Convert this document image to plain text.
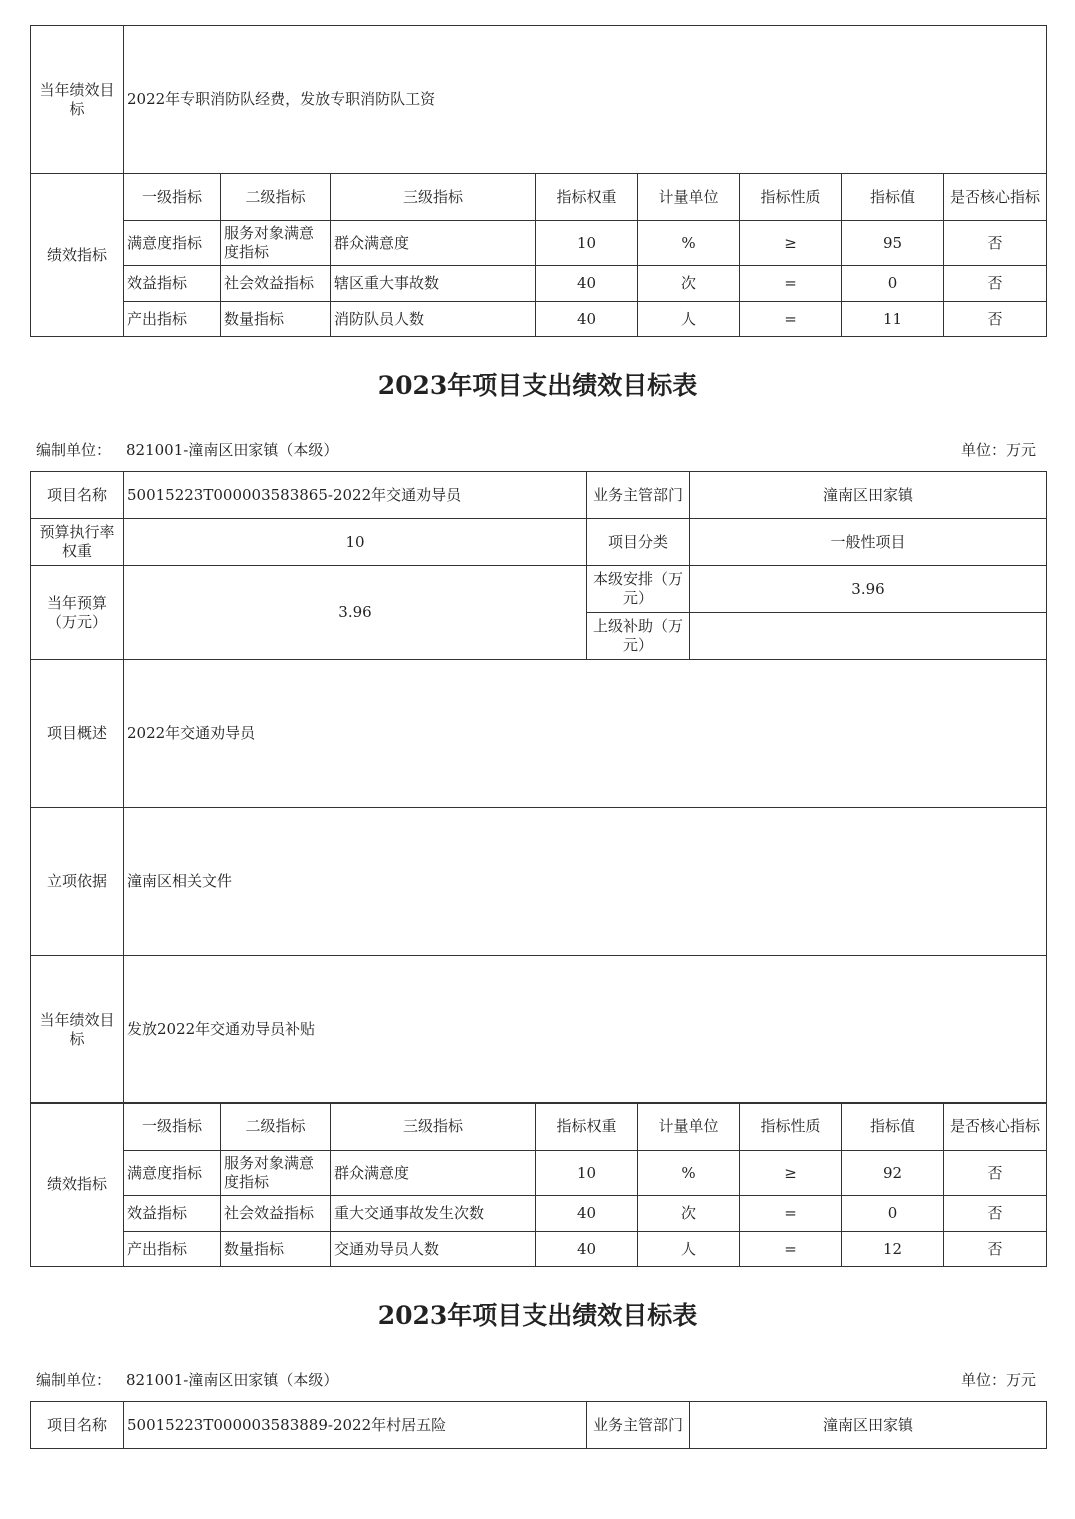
当年绩效目标	2022年专职消防队经费，发放专职消防队工资							
绩效指标	一级指标	二级指标	三级指标	指标权重	计量单位	指标性质	指标值	是否核心指标
	满意度指标	服务对象满意度指标	群众满意度	10	%	≥	95	否
	效益指标	社会效益指标	辖区重大事故数	40	次	=	0	否
	产出指标	数量指标	消防队员人数	40	人	=	11	否
2023年项目支出绩效目标表
编制单位： 821001-潼南区田家镇（本级）	单位：万元
项目名称	50015223T000003583865-2022年交通劝导员	业务主管部门	潼南区田家镇
预算执行率权重	10	项目分类	一般性项目
当年预算（万元）	3.96	本级安排（万元）	3.96
		上级补助（万元）	
项目概述	2022年交通劝导员		
立项依据	潼南区相关文件		
当年绩效目标	发放2022年交通劝导员补贴		
绩效指标	一级指标	二级指标	三级指标	指标权重	计量单位	指标性质	指标值	是否核心指标
	满意度指标	服务对象满意度指标	群众满意度	10	%	≥	92	否
	效益指标	社会效益指标	重大交通事故发生次数	40	次	=	0	否
	产出指标	数量指标	交通劝导员人数	40	人	=	12	否
2023年项目支出绩效目标表
编制单位： 821001-潼南区田家镇（本级）	单位：万元
项目名称	50015223T000003583889-2022年村居五险	业务主管部门	潼南区田家镇
